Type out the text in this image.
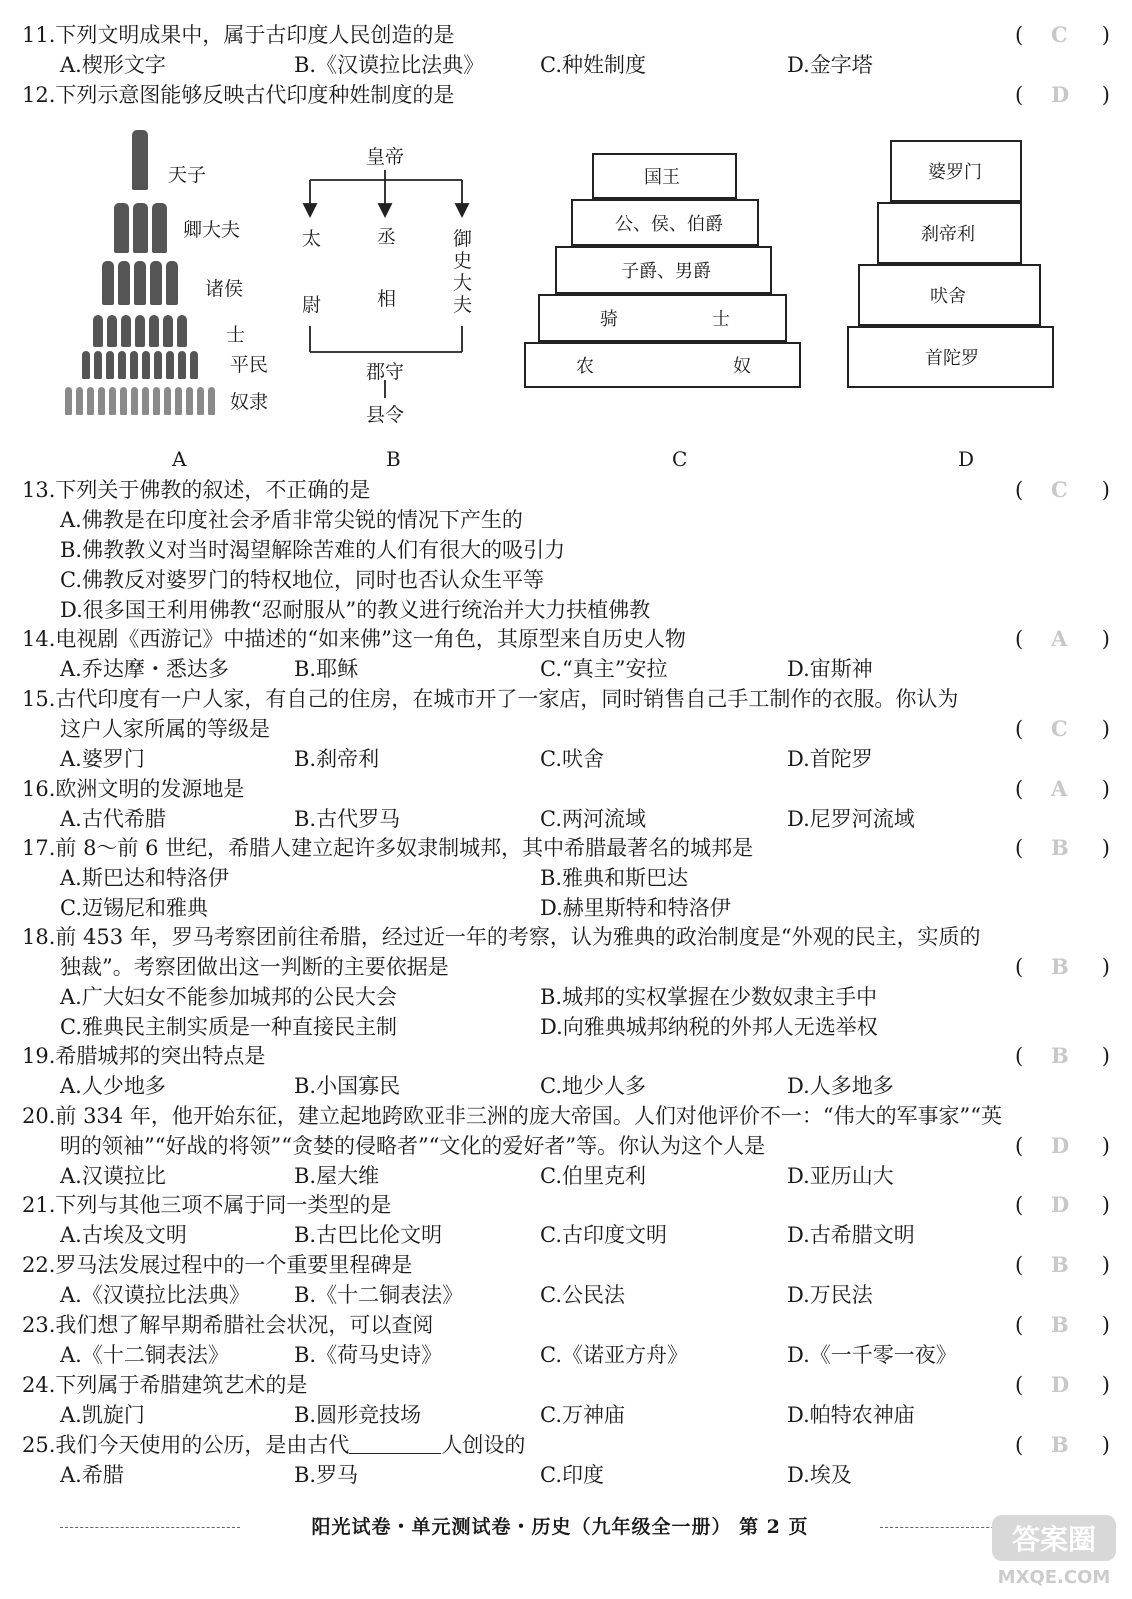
11.下列文明成果中，属于古印度人民创造的是	( C )
A.楔形文字	B.《汉谟拉比法典》	C.种姓制度	D.金字塔
12.下列示意图能够反映古代印度种姓制度的是	( D )
13.下列关于佛教的叙述，不正确的是	( C )
A.佛教是在印度社会矛盾非常尖锐的情况下产生的
B.佛教教义对当时渴望解除苦难的人们有很大的吸引力
C.佛教反对婆罗门的特权地位，同时也否认众生平等
D.很多国王利用佛教“忍耐服从”的教义进行统治并大力扶植佛教
14.电视剧《西游记》中描述的“如来佛”这一角色，其原型来自历史人物	( A )
A.乔达摩・悉达多	B.耶稣	C.“真主”安拉	D.宙斯神
15.古代印度有一户人家，有自己的住房，在城市开了一家店，同时销售自己手工制作的衣服。你认为
这户人家所属的等级是	( C )
A.婆罗门	B.刹帝利	C.吠舍	D.首陀罗
16.欧洲文明的发源地是	( A )
A.古代希腊	B.古代罗马	C.两河流域	D.尼罗河流域
17.前 8～前 6 世纪，希腊人建立起许多奴隶制城邦，其中希腊最著名的城邦是	( B )
A.斯巴达和特洛伊	B.雅典和斯巴达
C.迈锡尼和雅典	D.赫里斯特和特洛伊
18.前 453 年，罗马考察团前往希腊，经过近一年的考察，认为雅典的政治制度是“外观的民主，实质的
独裁”。考察团做出这一判断的主要依据是	( B )
A.广大妇女不能参加城邦的公民大会	B.城邦的实权掌握在少数奴隶主手中
C.雅典民主制实质是一种直接民主制	D.向雅典城邦纳税的外邦人无选举权
19.希腊城邦的突出特点是	( B )
A.人少地多	B.小国寡民	C.地少人多	D.人多地多
20.前 334 年，他开始东征，建立起地跨欧亚非三洲的庞大帝国。人们对他评价不一：“伟大的军事家”“英
明的领袖”“好战的将领”“贪婪的侵略者”“文化的爱好者”等。你认为这个人是	( D )
A.汉谟拉比	B.屋大维	C.伯里克利	D.亚历山大
21.下列与其他三项不属于同一类型的是	( D )
A.古埃及文明	B.古巴比伦文明	C.古印度文明	D.古希腊文明
22.罗马法发展过程中的一个重要里程碑是	( B )
A.《汉谟拉比法典》 B.《十二铜表法》	C.公民法	D.万民法
23.我们想了解早期希腊社会状况，可以查阅	( B )
A.《十二铜表法》	B.《荷马史诗》	C.《诺亚方舟》	D.《一千零一夜》
24.下列属于希腊建筑艺术的是	( D )
A.凯旋门	B.圆形竞技场	C.万神庙	D.帕特农神庙
25.我们今天使用的公历，是由古代	人创设的	( B )
A.希腊	B.罗马	C.印度	D.埃及
天子
卿大夫
诸侯
士
平民
奴隶
皇帝
太
尉
丞
相
御
史
大
夫
郡守
县令
国王
公、侯、伯爵
子爵、男爵
骑	士
农	奴
婆罗门
刹帝利
吠舍
首陀罗
A	B	C	D
阳光试卷・单元测试卷・历史（九年级全一册） 第 2 页	答案圈
MXQE.COM
